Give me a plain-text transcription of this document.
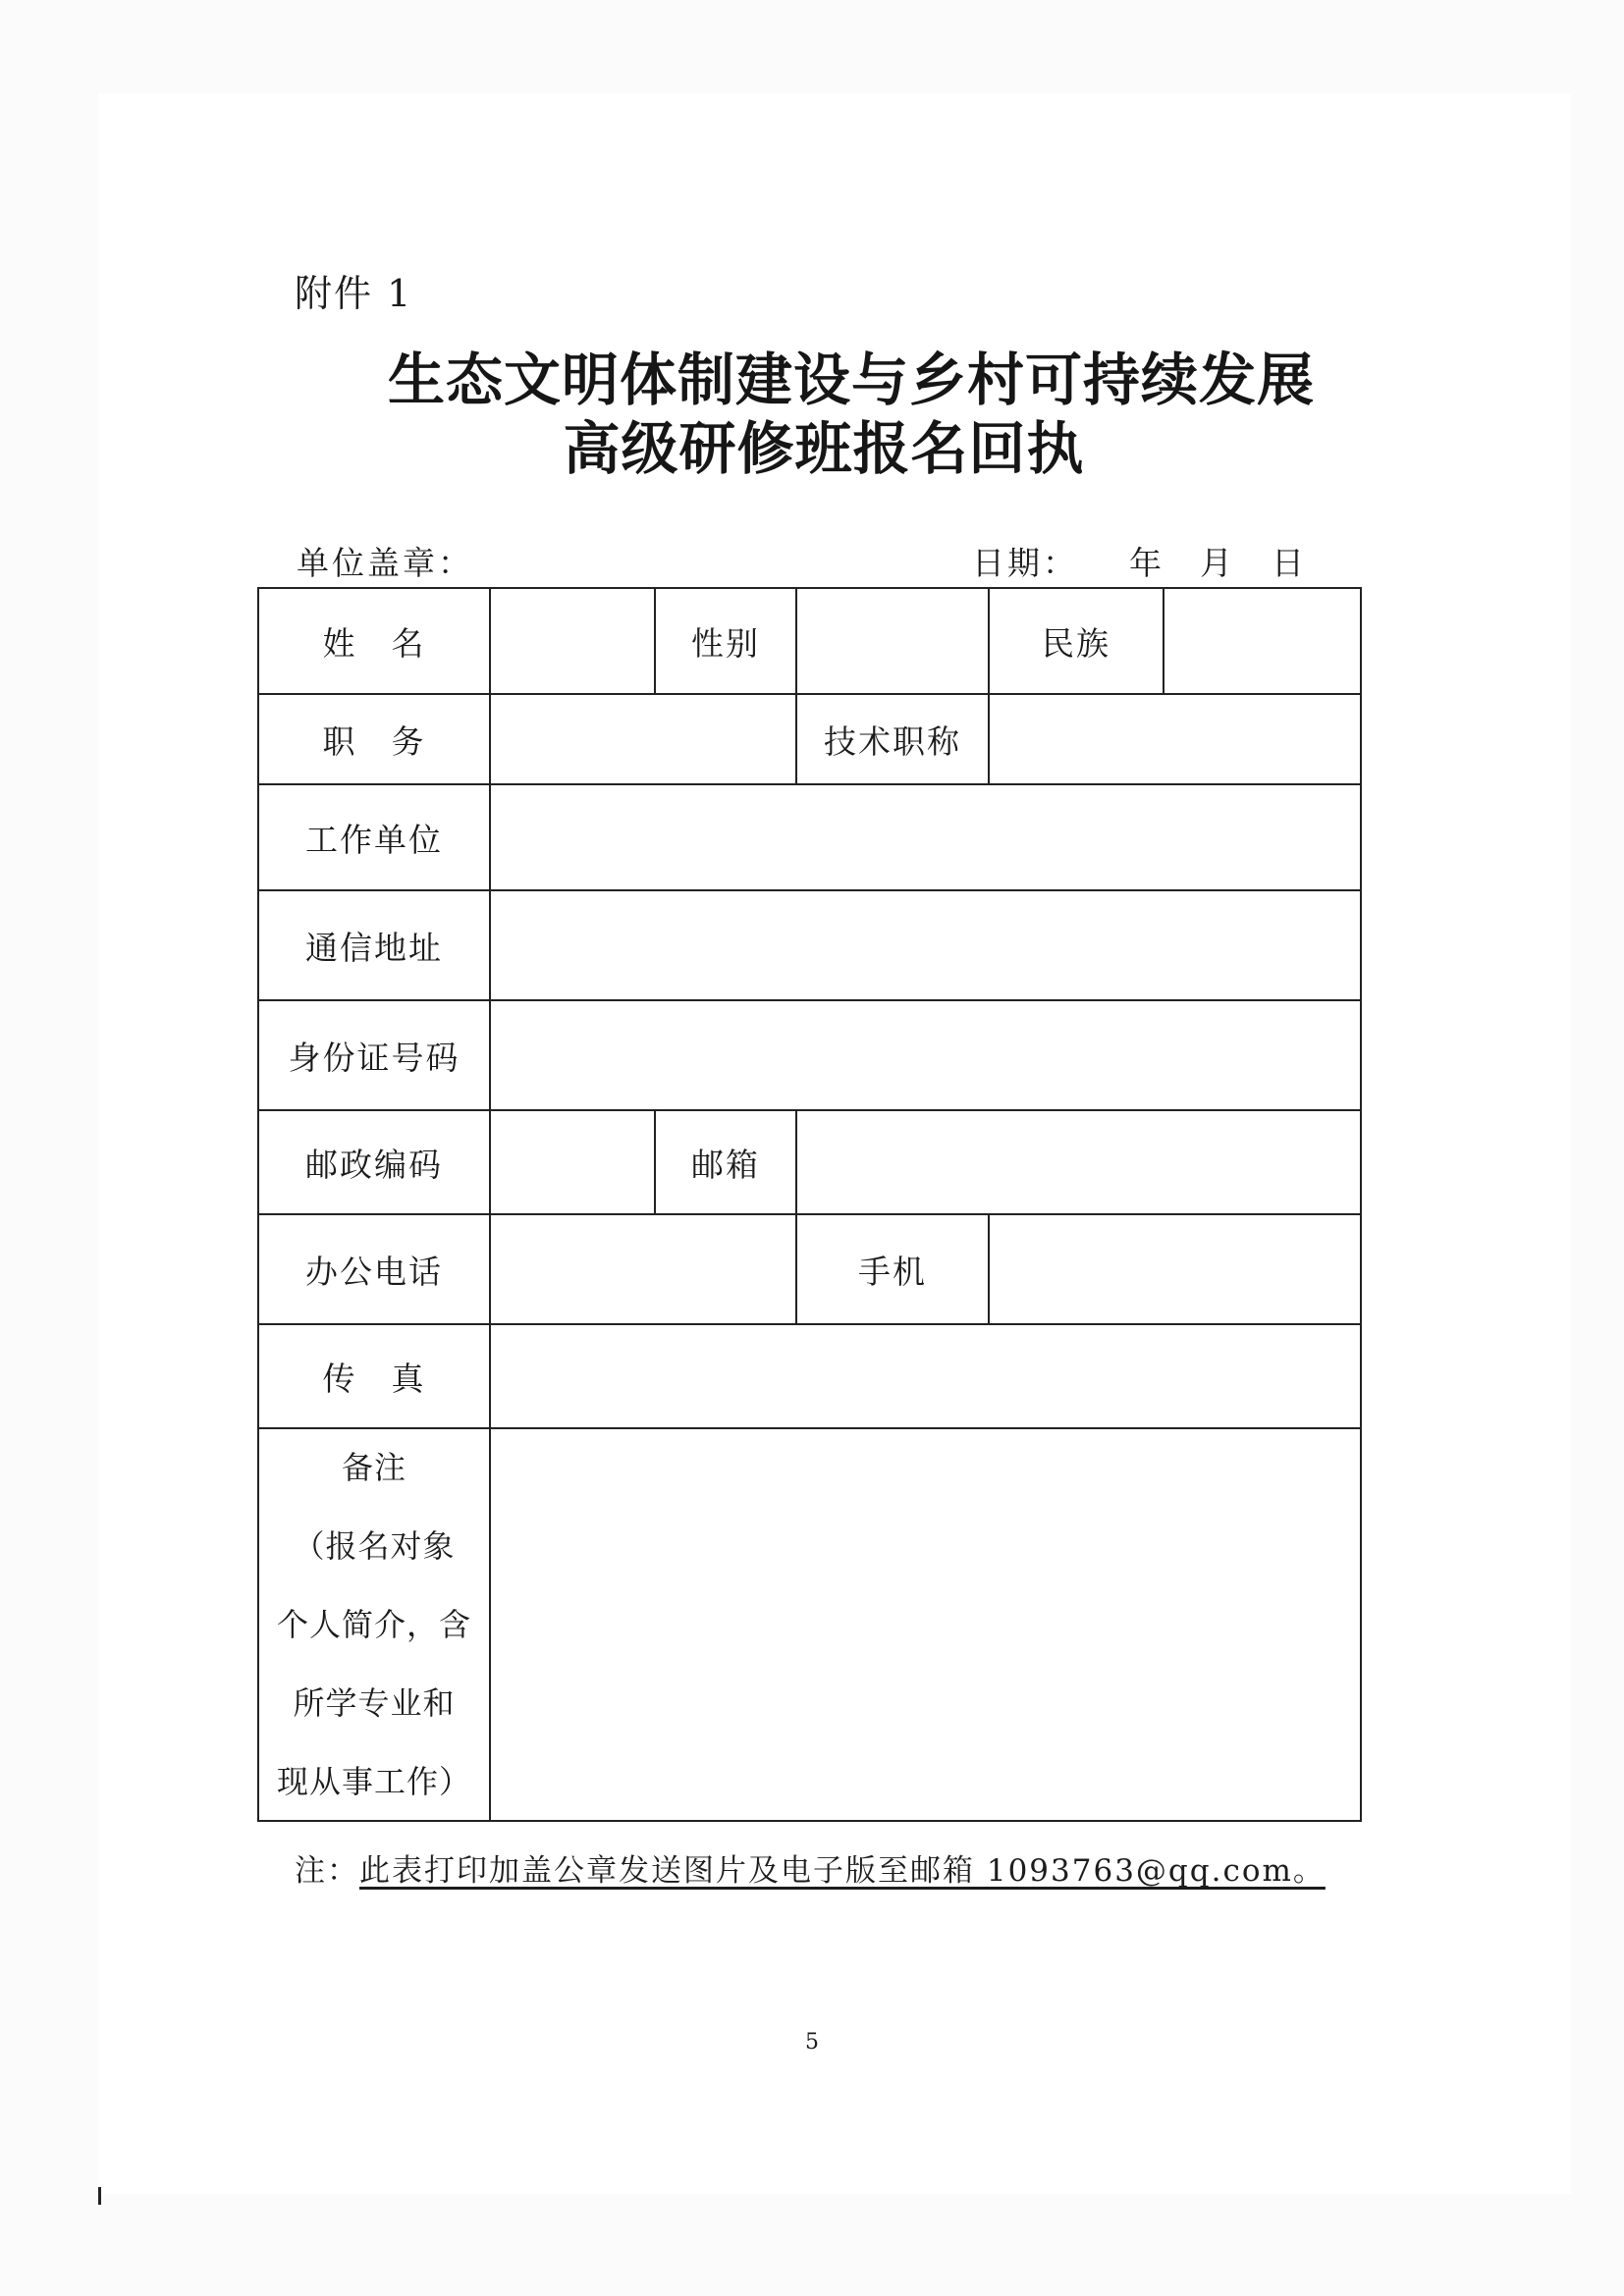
附件 1
生态文明体制建设与乡村可持续发展
高级研修班报名回执
单位盖章：	日期： 年 月 日
姓　名	性别	民族
职　务	技术职称
工作单位
通信地址
身份证号码
邮政编码	邮箱
办公电话	手机
传　真
备注
（报名对象
个人简介，含
所学专业和
现从事工作）
注：此表打印加盖公章发送图片及电子版至邮箱 1093763@qq.com。
5
